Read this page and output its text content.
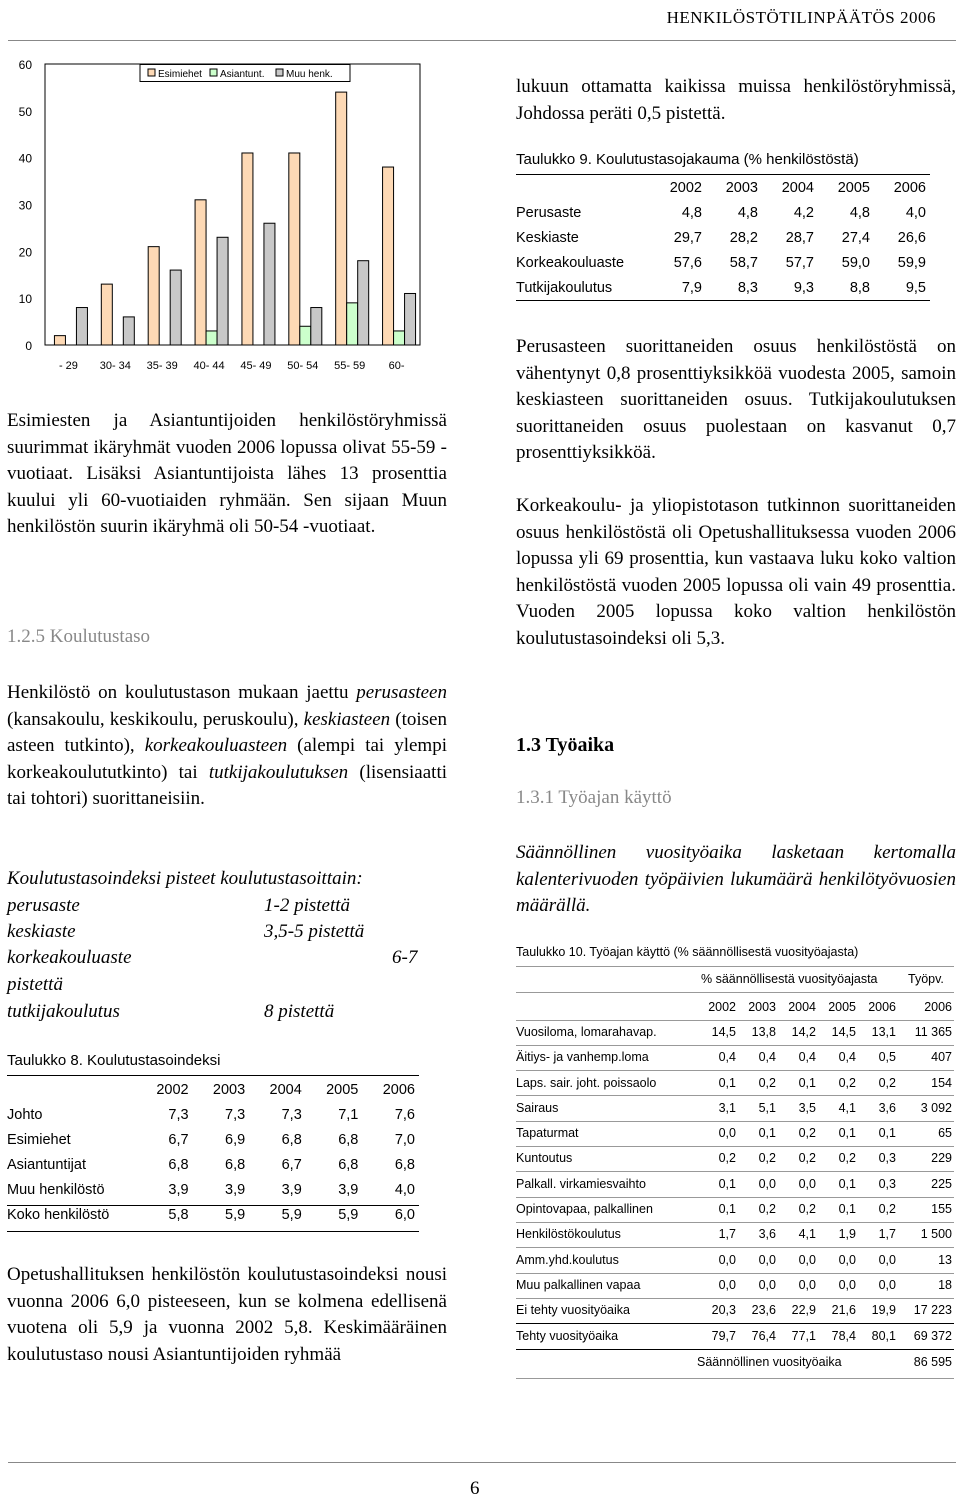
HENKILÖSTÖTILINPÄÄTÖS 2006
0
10
20
30
40
50
60
- 29 30- 34 35- 39 40- 44 45- 49 50- 54 55- 59 60-
Esimiehet Asiantunt. Muu henk.
Esimiesten ja Asiantuntijoiden henkilöstöryhmissä suurimmat ikäryhmät vuoden 2006 lopussa olivat 55-59 -vuotiaat. Lisäksi Asiantuntijoista lähes 13 prosenttia kuului yli 60-vuotiaiden ryhmään. Sen sijaan Muun henkilöstön suurin ikäryhmä oli 50-54 -vuotiaat.
1.2.5 Koulutustaso
Henkilöstö on koulutustason mukaan jaettu perusasteen (kansakoulu, keskikoulu, peruskoulu), keskiasteen (toisen asteen tutkinto), korkeakouluasteen (alempi tai ylempi korkeakoulututkinto) tai tutkijakoulutuksen (lisensiaatti tai tohtori) suorittaneisiin.
Koulutustasoindeksi pisteet koulutustasoittain:
perusaste	1-2 pistettä
keskiaste	3,5-5 pistettä
korkeakouluaste	6-7
pistettä
tutkijakoulutus	8 pistettä
Taulukko 8. Koulutustasoindeksi
	2002	2003	2004	2005	2006
Johto	7,3	7,3	7,3	7,1	7,6
Esimiehet	6,7	6,9	6,8	6,8	7,0
Asiantuntijat	6,8	6,8	6,7	6,8	6,8
Muu henkilöstö	3,9	3,9	3,9	3,9	4,0
Koko henkilöstö	5,8	5,9	5,9	5,9	6,0
Opetushallituksen henkilöstön koulutustasoindeksi nousi vuonna 2006 6,0 pisteeseen, kun se kolmena edellisenä vuotena oli 5,9 ja vuonna 2002 5,8. Keskimääräinen koulutustaso nousi Asiantuntijoiden ryhmää
lukuun ottamatta kaikissa muissa henkilöstöryhmissä, Johdossa peräti 0,5 pistettä.
Taulukko 9. Koulutustasojakauma (% henkilöstöstä)
	2002	2003	2004	2005	2006
Perusaste	4,8	4,8	4,2	4,8	4,0
Keskiaste	29,7	28,2	28,7	27,4	26,6
Korkeakouluaste	57,6	58,7	57,7	59,0	59,9
Tutkijakoulutus	7,9	8,3	9,3	8,8	9,5
Perusasteen suorittaneiden osuus henkilöstöstä on vähentynyt 0,8 prosenttiyksikköä vuodesta 2005, samoin keskiasteen suorittaneiden osuus. Tutkijakoulutuksen suorittaneiden osuus puolestaan on kasvanut 0,7 prosenttiyksikköä.
Korkeakoulu- ja yliopistotason tutkinnon suorittaneiden osuus henkilöstöstä oli Opetushallituksessa vuoden 2006 lopussa yli 69 prosenttia, kun vastaava luku koko valtion henkilöstöstä vuoden 2005 lopussa oli vain 49 prosenttia. Vuoden 2005 lopussa koko valtion henkilöstön koulutustasoindeksi oli 5,3.
1.3 Työaika
1.3.1 Työajan käyttö
Säännöllinen vuosityöaika lasketaan kertomalla kalenterivuoden työpäivien lukumäärä henkilötyövuosien määrällä.
Taulukko 10. Työajan käyttö (% säännöllisestä vuosityöajasta)
% säännöllisestä vuosityöajasta Työpv.
	2002	2003	2004	2005	2006	2006
Vuosiloma, lomarahavap.	14,5	13,8	14,2	14,5	13,1	11 365
Äitiys- ja vanhemp.loma	0,4	0,4	0,4	0,4	0,5	407
Laps. sair. joht. poissaolo	0,1	0,2	0,1	0,2	0,2	154
Sairaus	3,1	5,1	3,5	4,1	3,6	3 092
Tapaturmat	0,0	0,1	0,2	0,1	0,1	65
Kuntoutus	0,2	0,2	0,2	0,2	0,3	229
Palkall. virkamiesvaihto	0,1	0,0	0,0	0,1	0,3	225
Opintovapaa, palkallinen	0,1	0,2	0,2	0,1	0,2	155
Henkilöstökoulutus	1,7	3,6	4,1	1,9	1,7	1 500
Amm.yhd.koulutus	0,0	0,0	0,0	0,0	0,0	13
Muu palkallinen vapaa	0,0	0,0	0,0	0,0	0,0	18
Ei tehty vuosityöaika	20,3	23,6	22,9	21,6	19,9	17 223
Tehty vuosityöaika	79,7	76,4	77,1	78,4	80,1	69 372
Säännöllinen vuosityöaika	86 595
6
